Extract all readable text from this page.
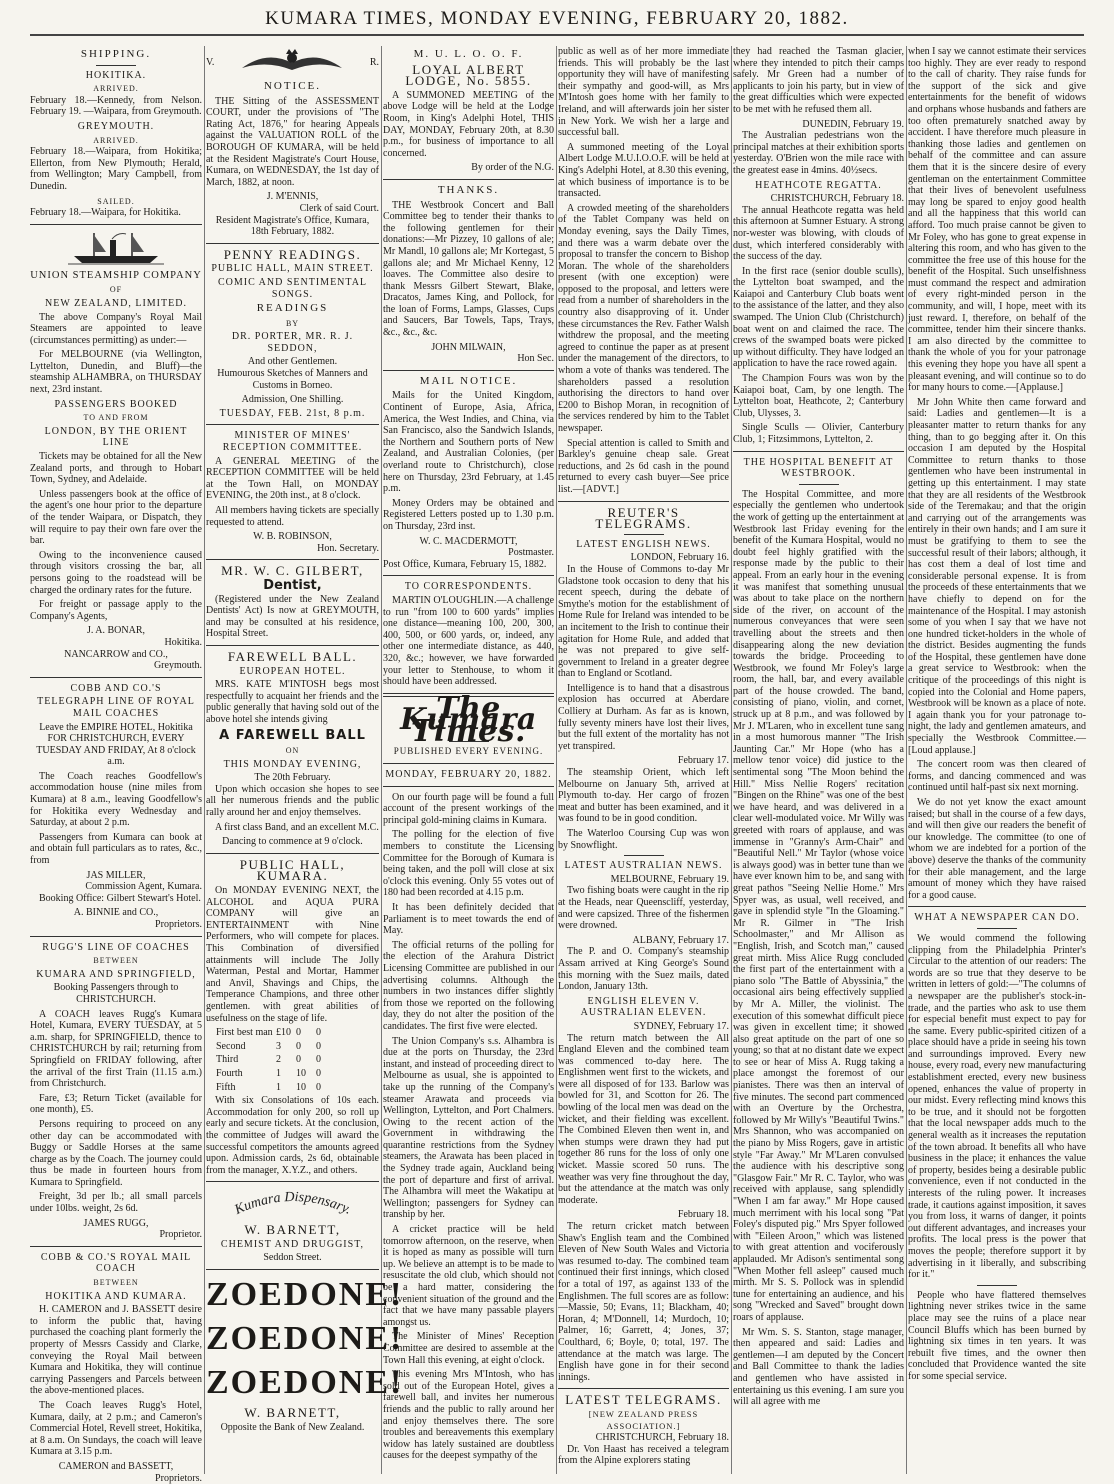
KUMARA TIMES, MONDAY EVENING, FEBRUARY 20, 1882.
SHIPPING.
HOKITIKA.
ARRIVED.

February 18.—Kennedy, from Nelson. February 19. —Waipara, from Greymouth.

GREYMOUTH.
ARRIVED.

February 18.—Waipara, from Hokitika; Ellerton, from New Plymouth; Herald, from Wellington; Mary Campbell, from Dunedin.

SAILED.

February 18.—Waipara, for Hokitika.

UNION STEAMSHIP COMPANY
OF
NEW ZEALAND, LIMITED.

The above Company's Royal Mail Steamers are appointed to leave (circumstances permitting) as under:—

For MELBOURNE (via Wellington, Lyttelton, Dunedin, and Bluff)—the steamship ALHAMBRA, on THURSDAY next, 23rd instant.

PASSENGERS BOOKED
TO AND FROM
LONDON, BY THE ORIENT LINE

Tickets may be obtained for all the New Zealand ports, and through to Hobart Town, Sydney, and Adelaide.

Unless passengers book at the office of the agent's one hour prior to the departure of the tender Waipara, or Dispatch, they will require to pay their own fare over the bar.

Owing to the inconvenience caused through visitors crossing the bar, all persons going to the roadstead will be charged the ordinary rates for the future.

For freight or passage apply to the Company's Agents,

J. A. BONAR,
Hokitika.
NANCARROW and CO.,
Greymouth.
COBB AND CO.'S
TELEGRAPH LINE OF ROYAL MAIL COACHES

Leave the EMPIRE HOTEL, Hokitika FOR CHRISTCHURCH, EVERY TUESDAY AND FRIDAY, At 8 o'clock a.m.

The Coach reaches Goodfellow's accommodation house (nine miles from Kumara) at 8 a.m., leaving Goodfellow's for Hokitika every Wednesday and Saturday, at about 2 p.m.

Passengers from Kumara can book at and obtain full particulars as to rates, &c., from

JAS MILLER,
Commission Agent, Kumara.

Booking Office: Gilbert Stewart's Hotel.

A. BINNIE and CO.,
Proprietors.
RUGG'S LINE OF COACHES
BETWEEN
KUMARA AND SPRINGFIELD,

Booking Passengers through to CHRISTCHURCH.

A COACH leaves Rugg's Kumara Hotel, Kumara, EVERY TUESDAY, at 5 a.m. sharp, for SPRINGFIELD, thence to CHRISTCHURCH by rail; returning from Springfield on FRIDAY following, after the arrival of the first Train (11.15 a.m.) from Christchurch.

Fare, £3; Return Ticket (available for one month), £5.

Persons requiring to proceed on any other day can be accommodated with Buggy or Saddle Horses at the same charge as by the Coach. The journey could thus be made in fourteen hours from Kumara to Springfield.

Freight, 3d per lb.; all small parcels under 10lbs. weight, 2s 6d.

JAMES RUGG,
Proprietor.
COBB & CO.'S ROYAL MAIL COACH
BETWEEN
HOKITIKA AND KUMARA.

H. CAMERON and J. BASSETT desire to inform the public that, having purchased the coaching plant formerly the property of Messrs Cassidy and Clarke, conveying the Royal Mail between Kumara and Hokitika, they will continue carrying Passengers and Parcels between the above-mentioned places.

The Coach leaves Rugg's Hotel, Kumara, daily, at 2 p.m.; and Cameron's Commercial Hotel, Revell street, Hokitika, at 8 a.m. On Sundays, the coach will leave Kumara at 3.15 p.m.

CAMERON and BASSETT,
Proprietors.
V.	R.
NOTICE.

THE Sitting of the ASSESSMENT COURT, under the provisions of "The Rating Act, 1876," for hearing Appeals against the VALUATION ROLL of the BOROUGH OF KUMARA, will be held at the Resident Magistrate's Court House, Kumara, on WEDNESDAY, the 1st day of March, 1882, at noon.

J. M'ENNIS,
Clerk of said Court.

Resident Magistrate's Office, Kumara, 18th February, 1882.

PENNY READINGS.
PUBLIC HALL, MAIN STREET.
COMIC AND SENTIMENTAL SONGS.
READINGS
BY
DR. PORTER, MR. R. J. SEDDON,
And other Gentlemen.

Humourous Sketches of Manners and Customs in Borneo.

Admission, One Shilling.
TUESDAY, FEB. 21st, 8 p.m.
MINISTER OF MINES' RECEPTION COMMITTEE.

A GENERAL MEETING of the RECEPTION COMMITTEE will be held at the Town Hall, on MONDAY EVENING, the 20th inst., at 8 o'clock.

All members having tickets are specially requested to attend.

W. B. ROBINSON,
Hon. Secretary.
MR. W. C. GILBERT,
Dentist,

(Registered under the New Zealand Dentists' Act) Is now at GREYMOUTH, and may be consulted at his residence, Hospital Street.

FAREWELL BALL.
EUROPEAN HOTEL.

MRS. KATE M'INTOSH begs most respectfully to acquaint her friends and the public generally that having sold out of the above hotel she intends giving

A FAREWELL BALL
ON
THIS MONDAY EVENING,
The 20th February.

Upon which occasion she hopes to see all her numerous friends and the public rally around her and enjoy themselves.

A first class Band, and an excellent M.C.

Dancing to commence at 9 o'clock.

PUBLIC HALL, KUMARA.

On MONDAY EVENING NEXT, the ALCOHOL and AQUA PURA COMPANY will give an ENTERTAINMENT with Nine Performers, who will compete for places. This Combination of diversified attainments will include The Jolly Waterman, Pestal and Mortar, Hammer and Anvil, Shavings and Chips, the Temperance Champions, and three other gentlemen. with great abilities of usefulness on the stage of life.

First best man £10 0	0
Second	3	0	0
Third	2	0	0
Fourth	1	10	0
Fifth	1	10	0

With six Consolations of 10s each. Accommodation for only 200, so roll up early and secure tickets. At the conclusion, the committee of Judges will award the successful competitors the amounts agreed upon. Admission cards, 2s 6d, obtainable from the manager, X.Y.Z., and others.

Kumara Dispensary.
W. BARNETT,
CHEMIST AND DRUGGIST,
Seddon Street.
ZOEDONE!
ZOEDONE!
ZOEDONE!
W. BARNETT,
Opposite the Bank of New Zealand.
M. U. L. O. O. F.
LOYAL ALBERT LODGE, No. 5855.

A SUMMONED MEETING of the above Lodge will be held at the Lodge Room, in King's Adelphi Hotel, THIS DAY, MONDAY, February 20th, at 8.30 p.m., for business of importance to all concerned.

By order of the N.G.
THANKS.

THE Westbrook Concert and Ball Committee beg to tender their thanks to the following gentlemen for their donations:—Mr Pizzey, 10 gallons of ale; Mr Mandl, 10 gallons ale; Mr Kortegast, 5 gallons ale; and Mr Michael Kenny, 12 loaves. The Committee also desire to thank Messrs Gilbert Stewart, Blake, Dracatos, James King, and Pollock, for the loan of Forms, Lamps, Glasses, Cups and Saucers, Bar Towels, Taps, Trays, &c., &c., &c.

JOHN MILWAIN,
Hon Sec.
MAIL NOTICE.

Mails for the United Kingdom, Continent of Europe, Asia, Africa, America, the West Indies, and China, via San Francisco, also the Sandwich Islands, the Northern and Southern ports of New Zealand, and Australian Colonies, (per overland route to Christchurch), close here on Thursday, 23rd February, at 1.45 p.m.

Money Orders may be obtained and Registered Letters posted up to 1.30 p.m. on Thursday, 23rd inst.

W. C. MACDERMOTT,
Postmaster.

Post Office, Kumara, February 15, 1882.

TO CORRESPONDENTS.

MARTIN O'LOUGHLIN.—A challenge to run "from 100 to 600 yards" implies one distance—meaning 100, 200, 300, 400, 500, or 600 yards, or, indeed, any other one intermediate distance, as 440, 320, &c.; however, we have forwarded your letter to Stenhouse, to whom it should have been addressed.

The Kumara Times.
PUBLISHED EVERY EVENING.
MONDAY, FEBRUARY 20, 1882.

On our fourth page will be found a full account of the present workings of the principal gold-mining claims in Kumara.

The polling for the election of five members to constitute the Licensing Committee for the Borough of Kumara is being taken, and the poll will close at six o'clock this evening. Only 55 votes out of 180 had been recorded at 4.15 p.m.

It has been definitely decided that Parliament is to meet towards the end of May.

The official returns of the polling for the election of the Arahura District Licensing Committee are published in our advertising columns. Although the numbers in two instances differ slightly from those we reported on the following day, they do not alter the position of the candidates. The first five were elected.

The Union Company's s.s. Alhambra is due at the ports on Thursday, the 23rd instant, and instead of proceeding direct to Melbourne as usual, she is appointed to take up the running of the Company's steamer Arawata and proceeds via Wellington, Lyttelton, and Port Chalmers. Owing to the recent action of the Government in withdrawing the quarantine restrictions from the Sydney steamers, the Arawata has been placed in the Sydney trade again, Auckland being the port of departure and first of arrival. The Alhambra will meet the Wakatipu at Wellington; passengers for Sydney can tranship by her.

A cricket practice will be held tomorrow afternoon, on the reserve, when it is hoped as many as possible will turn up. We believe an attempt is to be made to resuscitate the old club, which should not be a hard matter, considering the convenient situation of the ground and the fact that we have many passable players amongst us.

The Minister of Mines' Reception Committee are desired to assemble at the Town Hall this evening, at eight o'clock.

This evening Mrs M'Intosh, who has sold out of the European Hotel, gives a farewell ball, and invites her numerous friends and the public to rally around her and enjoy themselves there. The sore troubles and bereavements this exemplary widow has lately sustained are doubtless causes for the deepest sympathy of the

public as well as of her more immediate friends. This will probably be the last opportunity they will have of manifesting their sympathy and good-will, as Mrs M'Intosh goes home with her family to Ireland, and will afterwards join her sister in New York. We wish her a large and successful ball.

A summoned meeting of the Loyal Albert Lodge M.U.I.O.O.F. will be held at King's Adelphi Hotel, at 8.30 this evening, at which business of importance is to be transacted.

A crowded meeting of the shareholders of the Tablet Company was held on Monday evening, says the Daily Times, and there was a warm debate over the proposal to transfer the concern to Bishop Moran. The whole of the shareholders present (with one exception) were opposed to the proposal, and letters were read from a number of shareholders in the country also disapproving of it. Under these circumstances the Rev. Father Walsh withdrew the proposal, and the meeting agreed to continue the paper as at present under the management of the directors, to whom a vote of thanks was tendered. The shareholders passed a resolution authorising the directors to hand over £200 to Bishop Moran, in recognition of the services rendered by him to the Tablet newspaper.

Special attention is called to Smith and Barkley's genuine cheap sale. Great reductions, and 2s 6d cash in the pound returned to every cash buyer—See price list.—[ADVT.]

REUTER'S TELEGRAMS.
LATEST ENGLISH NEWS.
LONDON, February 16.

In the House of Commons to-day Mr Gladstone took occasion to deny that his recent speech, during the debate of Smythe's motion for the establishment of Home Rule for Ireland was intended to be an incitement to the Irish to continue their agitation for Home Rule, and added that he was not prepared to give self-government to Ireland in a greater degree than to England or Scotland.

Intelligence is to hand that a disastrous explosion has occurred at Aberdare Colliery at Durham. As far as is known, fully seventy miners have lost their lives, but the full extent of the mortality has not yet transpired.

February 17.

The steamship Orient, which left Melbourne on January 5th, arrived at Plymouth to-day. Her cargo of frozen meat and butter has been examined, and it was found to be in good condition.

The Waterloo Coursing Cup was won by Snowflight.

LATEST AUSTRALIAN NEWS.
MELBOURNE, February 19.

Two fishing boats were caught in the rip at the Heads, near Queenscliff, yesterday, and were capsized. Three of the fishermen were drowned.

ALBANY, February 17.

The P. and O. Company's steamship Assam arrived at King George's Sound this morning with the Suez mails, dated London, January 13th.

ENGLISH ELEVEN V. AUSTRALIAN ELEVEN.
SYDNEY, February 17.

The return match between the All England Eleven and the combined team was commenced to-day here. The Englishmen went first to the wickets, and were all disposed of for 133. Barlow was bowled for 31, and Scotton for 26. The bowling of the local men was dead on the wicket, and their fielding was excellent. The Combined Eleven then went in, and when stumps were drawn they had put together 86 runs for the loss of only one wicket. Massie scored 50 runs. The weather was very fine throughout the day, but the attendance at the match was only moderate.

February 18.

The return cricket match between Shaw's English team and the Combined Eleven of New South Wales and Victoria was resumed to-day. The combined team continued their first innings, which closed for a total of 197, as against 133 of the Englishmen. The full scores are as follow:—Massie, 50; Evans, 11; Blackham, 40; Horan, 4; M'Donnell, 14; Murdoch, 10; Palmer, 16; Garrett, 4; Jones, 37; Coulthard, 6; Boyle, 0; total, 197. The attendance at the match was large. The English have gone in for their second innings.

LATEST TELEGRAMS.
[NEW ZEALAND PRESS ASSOCIATION.]
CHRISTCHURCH, February 18.

Dr. Von Haast has received a telegram from the Alpine explorers stating

they had reached the Tasman glacier, where they intended to pitch their camps safely. Mr Green had a number of applicants to join his party, but in view of the great difficulties which were expected to be met with he refused them all.

DUNEDIN, February 19.

The Australian pedestrians won the principal matches at their exhibition sports yesterday. O'Brien won the mile race with the greatest ease in 4mins. 40½secs.

HEATHCOTE REGATTA.
CHRISTCHURCH, February 18.

The annual Heathcote regatta was held this afternoon at Sumner Estuary. A strong nor-wester was blowing, with clouds of dust, which interfered considerably with the success of the day.

In the first race (senior double sculls), the Lyttelton boat swamped, and the Kaiapoi and Canterbury Club boats went to the assistance of the latter, and they also swamped. The Union Club (Christchurch) boat went on and claimed the race. The crews of the swamped boats were picked up without difficulty. They have lodged an application to have the race rowed again.

The Champion Fours was won by the Kaiapoi boat, Cam, by one length. The Lyttelton boat, Heathcote, 2; Canterbury Club, Ulysses, 3.

Single Sculls — Olivier, Canterbury Club, 1; Fitzsimmons, Lyttelton, 2.

THE HOSPITAL BENEFIT AT WESTBROOK.

The Hospital Committee, and more especially the gentlemen who undertook the work of getting up the entertainment at Westbrook last Friday evening for the benefit of the Kumara Hospital, would no doubt feel highly gratified with the response made by the public to their appeal. From an early hour in the evening it was manifest that something unusual was about to take place on the northern side of the river, on account of the numerous conveyances that were seen travelling about the streets and then disappearing along the new deviation towards the bridge. Proceeding to Westbrook, we found Mr Foley's large room, the hall, bar, and every available part of the house crowded. The band, consisting of piano, violin, and cornet, struck up at 8 p.m., and was followed by Mr J. M'Laren, who in excellent tune sang in a most humorous manner "The Irish Jaunting Car." Mr Hope (who has a mellow tenor voice) did justice to the sentimental song "The Moon behind the Hill." Miss Nellie Rogers' recitation "Bingen on the Rhine" was one of the best we have heard, and was delivered in a clear well-modulated voice. Mr Willy was greeted with roars of applause, and was immense in "Granny's Arm-Chair" and "Beautiful Nell." Mr Taylor (whose voice is always good) was in better tune than we have ever known him to be, and sang with great pathos "Seeing Nellie Home." Mrs Spyer was, as usual, well received, and gave in splendid style "In the Gloaming." Mr R. Gilmer in "The Irish Schoolmaster," and Mr Allison as "English, Irish, and Scotch man," caused great mirth. Miss Alice Rugg concluded the first part of the entertainment with a piano solo "The Battle of Abyssinia," the occasional airs being effectively supplied by Mr A. Miller, the violinist. The execution of this somewhat difficult piece was given in excellent time; it showed also great aptitude on the part of one so young; so that at no distant date we expect to see or hear of Miss A. Rugg taking a place amongst the foremost of our pianistes. There was then an interval of five minutes. The second part commenced with an Overture by the Orchestra, followed by Mr Willy's "Beautiful Twins." Mrs Shannon, who was accompanied on the piano by Miss Rogers, gave in artistic style "Far Away." Mr M'Laren convulsed the audience with his descriptive song "Glasgow Fair." Mr R. C. Taylor, who was received with applause, sang splendidly "When I am far away." Mr Hope caused much merriment with his local song "Pat Foley's disputed pig." Mrs Spyer followed with "Eileen Aroon," which was listened to with great attention and vociferously applauded. Mr Adison's sentimental song "When Mother fell asleep" caused much mirth. Mr S. S. Pollock was in splendid tune for entertaining an audience, and his song "Wrecked and Saved" brought down roars of applause.

Mr Wm. S. S. Stanton, stage manager, then appeared and said: Ladies and gentlemen—I am deputed by the Concert and Ball Committee to thank the ladies and gentlemen who have assisted in entertaining us this evening. I am sure you will all agree with me

when I say we cannot estimate their services too highly. They are ever ready to respond to the call of charity. They raise funds for the support of the sick and give entertainments for the benefit of widows and orphans whose husbands and fathers are too often prematurely snatched away by accident. I have therefore much pleasure in thanking those ladies and gentlemen on behalf of the committee and can assure them that it is the sincere desire of every gentleman on the entertainment Committee that their lives of benevolent usefulness may long be spared to enjoy good health and all the happiness that this world can afford. Too much praise cannot be given to Mr Foley, who has gone to great expense in altering this room, and who has given to the committee the free use of this house for the benefit of the Hospital. Such unselfishness must command the respect and admiration of every right-minded person in the community, and will, I hope, meet with its just reward. I, therefore, on behalf of the committee, tender him their sincere thanks. I am also directed by the committee to thank the whole of you for your patronage this evening they hope you have all spent a pleasant evening, and will continue so to do for many hours to come.—[Applause.]

Mr John White then came forward and said: Ladies and gentlemen—It is a pleasanter matter to return thanks for any thing, than to go begging after it. On this occasion I am deputed by the Hospital Committee to return thanks to those gentlemen who have been instrumental in getting up this entertainment. I may state that they are all residents of the Westbrook side of the Teremakau; and that the origin and carrying out of the arrangements was entirely in their own hands; and I am sure it must be gratifying to them to see the successful result of their labors; although, it has cost them a deal of lost time and considerable personal expense. It is from the proceeds of these entertainments that we have chiefly to depend on for the maintenance of the Hospital. I may astonish some of you when I say that we have not one hundred ticket-holders in the whole of the district. Besides augmenting the funds of the Hospital, these gentlemen have done a great service to Westbrook: when the critique of the proceedings of this night is copied into the Colonial and Home papers, Westbrook will be known as a place of note. I again thank you for your patronage to-night, the lady and gentlemen amateurs, and specially the Westbrook Committee.—[Loud applause.]

The concert room was then cleared of forms, and dancing commenced and was continued until half-past six next morning.

We do not yet know the exact amount raised; but shall in the course of a few days, and will then give our readers the benefit of our knowledge. The committee (to one of whom we are indebted for a portion of the above) deserve the thanks of the community for their able management, and the large amount of money which they have raised for a good cause.

WHAT A NEWSPAPER CAN DO.

We would commend the following clipping from the Philadelphia Printer's Circular to the attention of our readers: The words are so true that they deserve to be written in letters of gold:—"The columns of a newspaper are the publisher's stock-in-trade, and the parties who ask to use them for especial benefit must expect to pay for the same. Every public-spirited citizen of a place should have a pride in seeing his town and surroundings improved. Every new house, every road, every new manufacturing establishment erected, every new business opened, enhances the value of property in our midst. Every reflecting mind knows this to be true, and it should not be forgotten that the local newspaper adds much to the general wealth as it increases the reputation of the town abroad. It benefits all who have business in the place; it enhances the value of property, besides being a desirable public convenience, even if not conducted in the interests of the ruling power. It increases trade, it cautions against imposition, it saves you from loss, it warns of danger, it points out different advantages, and increases your profits. The local press is the power that moves the people; therefore support it by advertising in it liberally, and subscribing for it."

People who have flattered themselves lightning never strikes twice in the same place may see the ruins of a place near Council Bluffs which has been burned by lightning six times in ten years. It was rebuilt five times, and the owner then concluded that Providence wanted the site for some special service.
